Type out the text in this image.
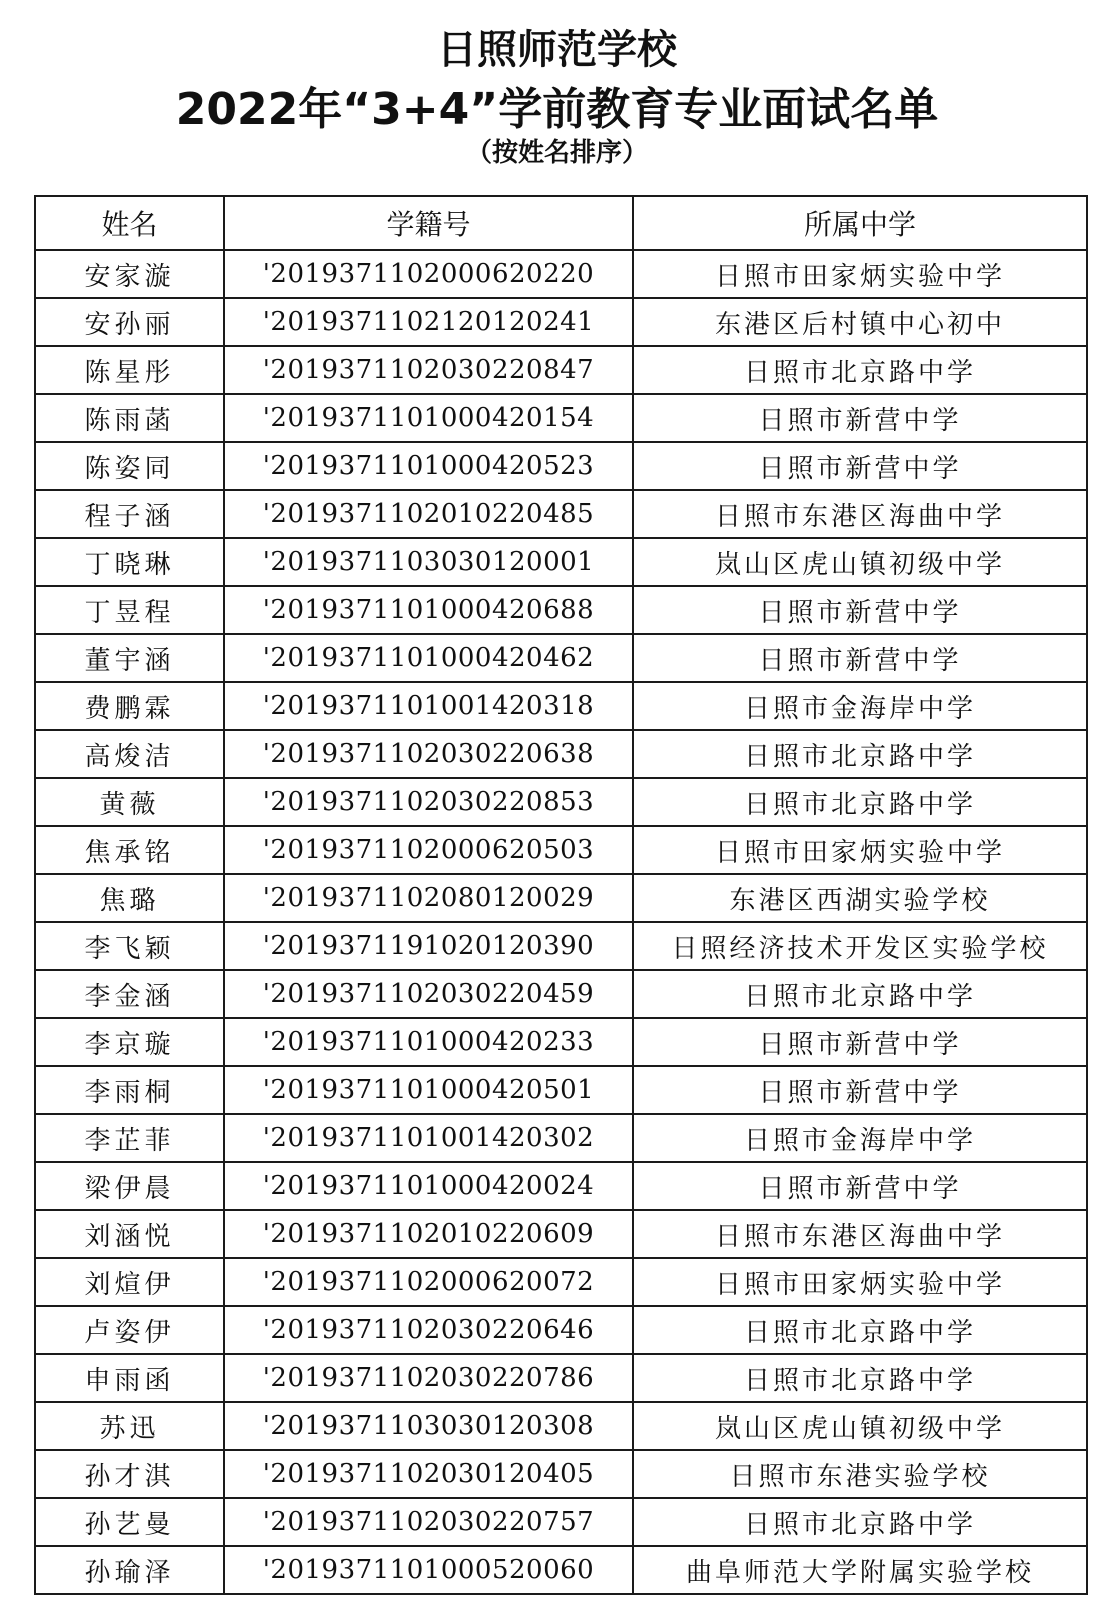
日照师范学校
2022年“3+4”学前教育专业面试名单
（按姓名排序）
姓名	学籍号	所属中学
安家漩	'2019371102000620220	日照市田家炳实验中学
安孙丽	'2019371102120120241	东港区后村镇中心初中
陈星彤	'2019371102030220847	日照市北京路中学
陈雨菡	'2019371101000420154	日照市新营中学
陈姿同	'2019371101000420523	日照市新营中学
程子涵	'2019371102010220485	日照市东港区海曲中学
丁晓琳	'2019371103030120001	岚山区虎山镇初级中学
丁昱程	'2019371101000420688	日照市新营中学
董宇涵	'2019371101000420462	日照市新营中学
费鹏霖	'2019371101001420318	日照市金海岸中学
高焌洁	'2019371102030220638	日照市北京路中学
黄薇	'2019371102030220853	日照市北京路中学
焦承铭	'2019371102000620503	日照市田家炳实验中学
焦璐	'2019371102080120029	东港区西湖实验学校
李飞颖	'2019371191020120390	日照经济技术开发区实验学校
李金涵	'2019371102030220459	日照市北京路中学
李京璇	'2019371101000420233	日照市新营中学
李雨桐	'2019371101000420501	日照市新营中学
李芷菲	'2019371101001420302	日照市金海岸中学
梁伊晨	'2019371101000420024	日照市新营中学
刘涵悦	'2019371102010220609	日照市东港区海曲中学
刘煊伊	'2019371102000620072	日照市田家炳实验中学
卢姿伊	'2019371102030220646	日照市北京路中学
申雨函	'2019371102030220786	日照市北京路中学
苏迅	'2019371103030120308	岚山区虎山镇初级中学
孙才淇	'2019371102030120405	日照市东港实验学校
孙艺曼	'2019371102030220757	日照市北京路中学
孙瑜泽	'2019371101000520060	曲阜师范大学附属实验学校
